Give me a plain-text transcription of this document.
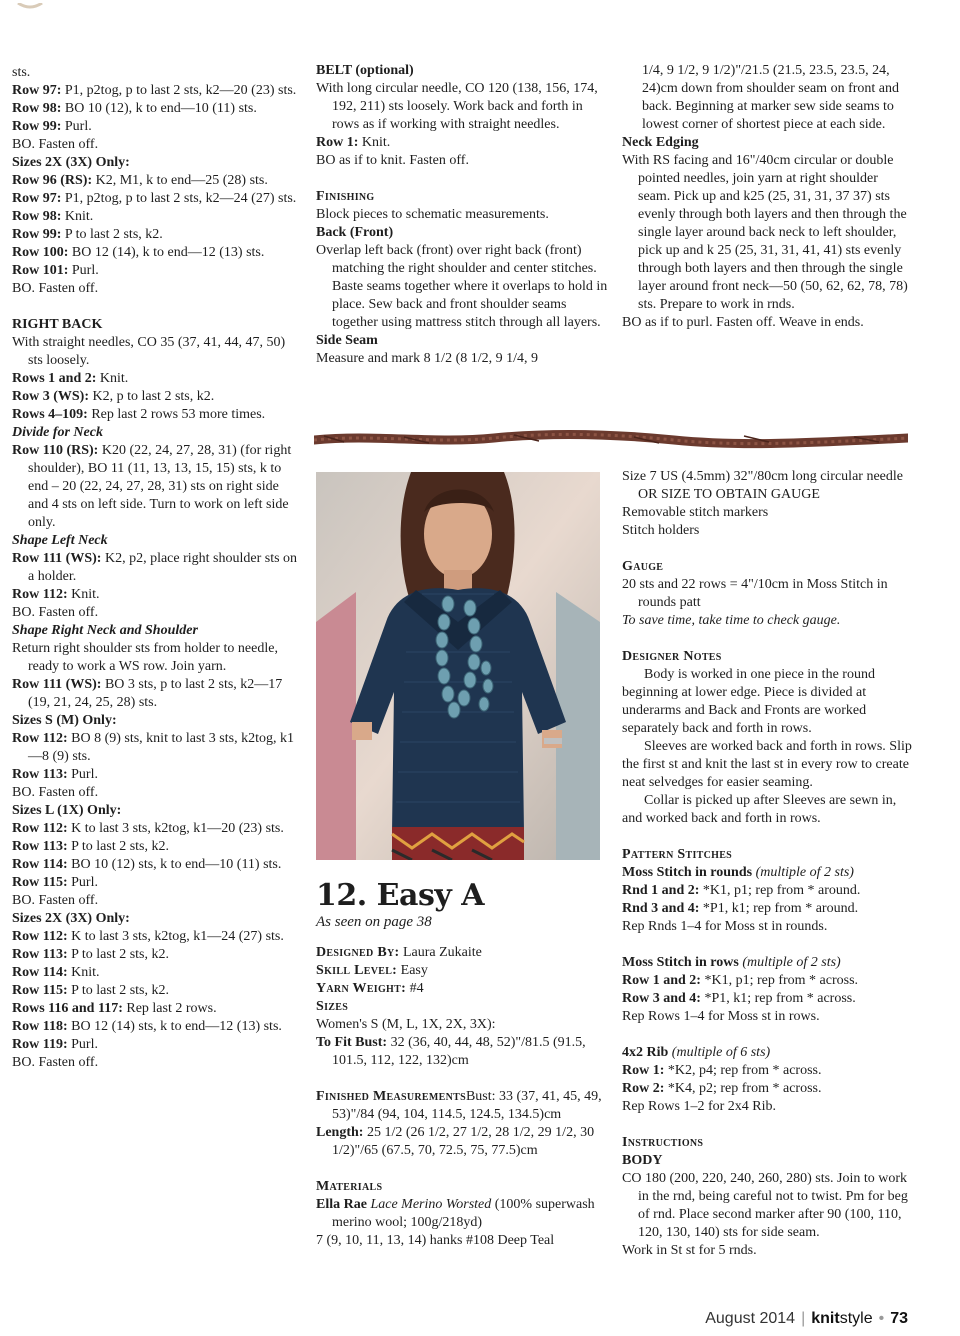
sts.

Row 97: P1, p2tog, p to last 2 sts, k2—20 (23) sts.

Row 98: BO 10 (12), k to end—10 (11) sts.

Row 99: Purl.

BO. Fasten off.

Sizes 2X (3X) Only:

Row 96 (RS): K2, M1, k to end—25 (28) sts.

Row 97: P1, p2tog, p to last 2 sts, k2—24 (27) sts.

Row 98: Knit.

Row 99: P to last 2 sts, k2.

Row 100: BO 12 (14), k to end—12 (13) sts.

Row 101: Purl.

BO. Fasten off.

RIGHT BACK

With straight needles, CO 35 (37, 41, 44, 47, 50) sts loosely.

Rows 1 and 2: Knit.

Row 3 (WS): K2, p to last 2 sts, k2.

Rows 4–109: Rep last 2 rows 53 more times.

Divide for Neck

Row 110 (RS): K20 (22, 24, 27, 28, 31) (for right shoulder), BO 11 (11, 13, 13, 15, 15) sts, k to end – 20 (22, 24, 27, 28, 31) sts on right side and 4 sts on left side. Turn to work on left side only.

Shape Left Neck

Row 111 (WS): K2, p2, place right shoulder sts on a holder.

Row 112: Knit.

BO. Fasten off.

Shape Right Neck and Shoulder

Return right shoulder sts from holder to needle, ready to work a WS row. Join yarn.

Row 111 (WS): BO 3 sts, p to last 2 sts, k2—17 (19, 21, 24, 25, 28) sts.

Sizes S (M) Only:

Row 112: BO 8 (9) sts, knit to last 3 sts, k2tog, k1—8 (9) sts.

Row 113: Purl.

BO. Fasten off.

Sizes L (1X) Only:

Row 112: K to last 3 sts, k2tog, k1—20 (23) sts.

Row 113: P to last 2 sts, k2.

Row 114: BO 10 (12) sts, k to end—10 (11) sts.

Row 115: Purl.

BO. Fasten off.

Sizes 2X (3X) Only:

Row 112: K to last 3 sts, k2tog, k1—24 (27) sts.

Row 113: P to last 2 sts, k2.

Row 114: Knit.

Row 115: P to last 2 sts, k2.

Rows 116 and 117: Rep last 2 rows.

Row 118: BO 12 (14) sts, k to end—12 (13) sts.

Row 119: Purl.

BO. Fasten off.

BELT (optional)

With long circular needle, CO 120 (138, 156, 174, 192, 211) sts loosely. Work back and forth in rows as if working with straight needles.

Row 1: Knit.

BO as if to knit. Fasten off.

Finishing

Block pieces to schematic measurements.

Back (Front)

Overlap left back (front) over right back (front) matching the right shoulder and center stitches. Baste seams together where it overlaps to hold in place. Sew back and front shoulder seams together using mattress stitch through all layers.

Side Seam

Measure and mark 8 1/2 (8 1/2, 9 1/4, 9

1/4, 9 1/2, 9 1/2)"/21.5 (21.5, 23.5, 23.5, 24, 24)cm down from shoulder seam on front and back. Beginning at marker sew side seams to lowest corner of shortest piece at each side.

Neck Edging

With RS facing and 16"/40cm circular or double pointed needles, join yarn at right shoulder seam. Pick up and k25 (25, 31, 31, 37 37) sts evenly through both layers and then through the single layer around back neck to left shoulder, pick up and k 25 (25, 31, 31, 41, 41) sts evenly through both layers and then through the single layer around front neck—50 (50, 62, 62, 78, 78) sts. Prepare to work in rnds.

BO as if to purl. Fasten off. Weave in ends.

12. Easy A

As seen on page 38

Designed By: Laura Zukaite

Skill Level: Easy

Yarn Weight: #4

Sizes

Women's S (M, L, 1X, 2X, 3X):

To Fit Bust: 32 (36, 40, 44, 48, 52)"/81.5 (91.5, 101.5, 112, 122, 132)cm

Finished MeasurementsBust: 33 (37, 41, 45, 49, 53)"/84 (94, 104, 114.5, 124.5, 134.5)cm

Length: 25 1/2 (26 1/2, 27 1/2, 28 1/2, 29 1/2, 30 1/2)"/65 (67.5, 70, 72.5, 75, 77.5)cm

Materials

Ella Rae Lace Merino Worsted (100% superwash merino wool; 100g/218yd)

7 (9, 10, 11, 13, 14) hanks #108 Deep Teal

Size 7 US (4.5mm) 32"/80cm long circular needle OR SIZE TO OBTAIN GAUGE

Removable stitch markers

Stitch holders

Gauge

20 sts and 22 rows = 4"/10cm in Moss Stitch in rounds patt

To save time, take time to check gauge.

Designer Notes

Body is worked in one piece in the round beginning at lower edge. Piece is divided at underarms and Back and Fronts are worked separately back and forth in rows.

Sleeves are worked back and forth in rows. Slip the first st and knit the last st in every row to create neat selvedges for easier seaming.

Collar is picked up after Sleeves are sewn in, and worked back and forth in rows.

Pattern Stitches

Moss Stitch in rounds (multiple of 2 sts)

Rnd 1 and 2: *K1, p1; rep from * around.

Rnd 3 and 4: *P1, k1; rep from * around.

Rep Rnds 1–4 for Moss st in rounds.

Moss Stitch in rows (multiple of 2 sts)

Row 1 and 2: *K1, p1; rep from * across.

Row 3 and 4: *P1, k1; rep from * across.

Rep Rows 1–4 for Moss st in rows.

4x2 Rib (multiple of 6 sts)

Row 1: *K2, p4; rep from * across.

Row 2: *K4, p2; rep from * across.

Rep Rows 1–2 for 2x4 Rib.

Instructions

BODY

CO 180 (200, 220, 240, 260, 280) sts. Join to work in the rnd, being careful not to twist. Pm for beg of rnd. Place second marker after 90 (100, 110, 120, 130, 140) sts for side seam.

Work in St st for 5 rnds.

August 2014 | knitstyle • 73
